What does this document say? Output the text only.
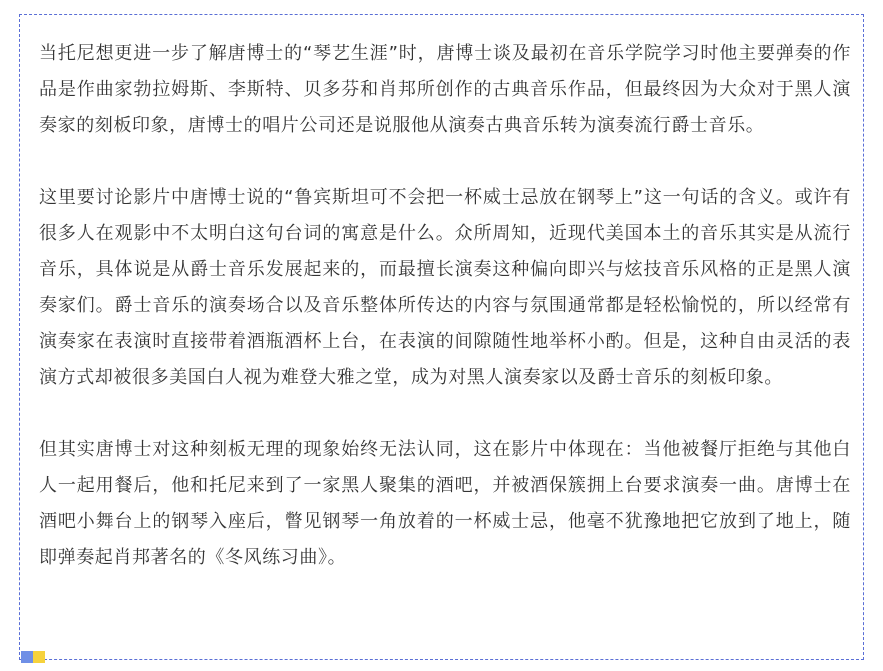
当托尼想更进一步了解唐博士的“琴艺生涯”时，唐博士谈及最初在音乐学院学习时他主要弹奏的作品是作曲家勃拉姆斯、李斯特、贝多芬和肖邦所创作的古典音乐作品，但最终因为大众对于黑人演奏家的刻板印象，唐博士的唱片公司还是说服他从演奏古典音乐转为演奏流行爵士音乐。

这里要讨论影片中唐博士说的“鲁宾斯坦可不会把一杯威士忌放在钢琴上”这一句话的含义。或许有很多人在观影中不太明白这句台词的寓意是什么。众所周知，近现代美国本土的音乐其实是从流行音乐，具体说是从爵士音乐发展起来的，而最擅长演奏这种偏向即兴与炫技音乐风格的正是黑人演奏家们。爵士音乐的演奏场合以及音乐整体所传达的内容与氛围通常都是轻松愉悦的，所以经常有演奏家在表演时直接带着酒瓶酒杯上台，在表演的间隙随性地举杯小酌。但是，这种自由灵活的表演方式却被很多美国白人视为难登大雅之堂，成为对黑人演奏家以及爵士音乐的刻板印象。

但其实唐博士对这种刻板无理的现象始终无法认同，这在影片中体现在：当他被餐厅拒绝与其他白人一起用餐后，他和托尼来到了一家黑人聚集的酒吧，并被酒保簇拥上台要求演奏一曲。唐博士在酒吧小舞台上的钢琴入座后，瞥见钢琴一角放着的一杯威士忌，他毫不犹豫地把它放到了地上，随即弹奏起肖邦著名的《冬风练习曲》。
